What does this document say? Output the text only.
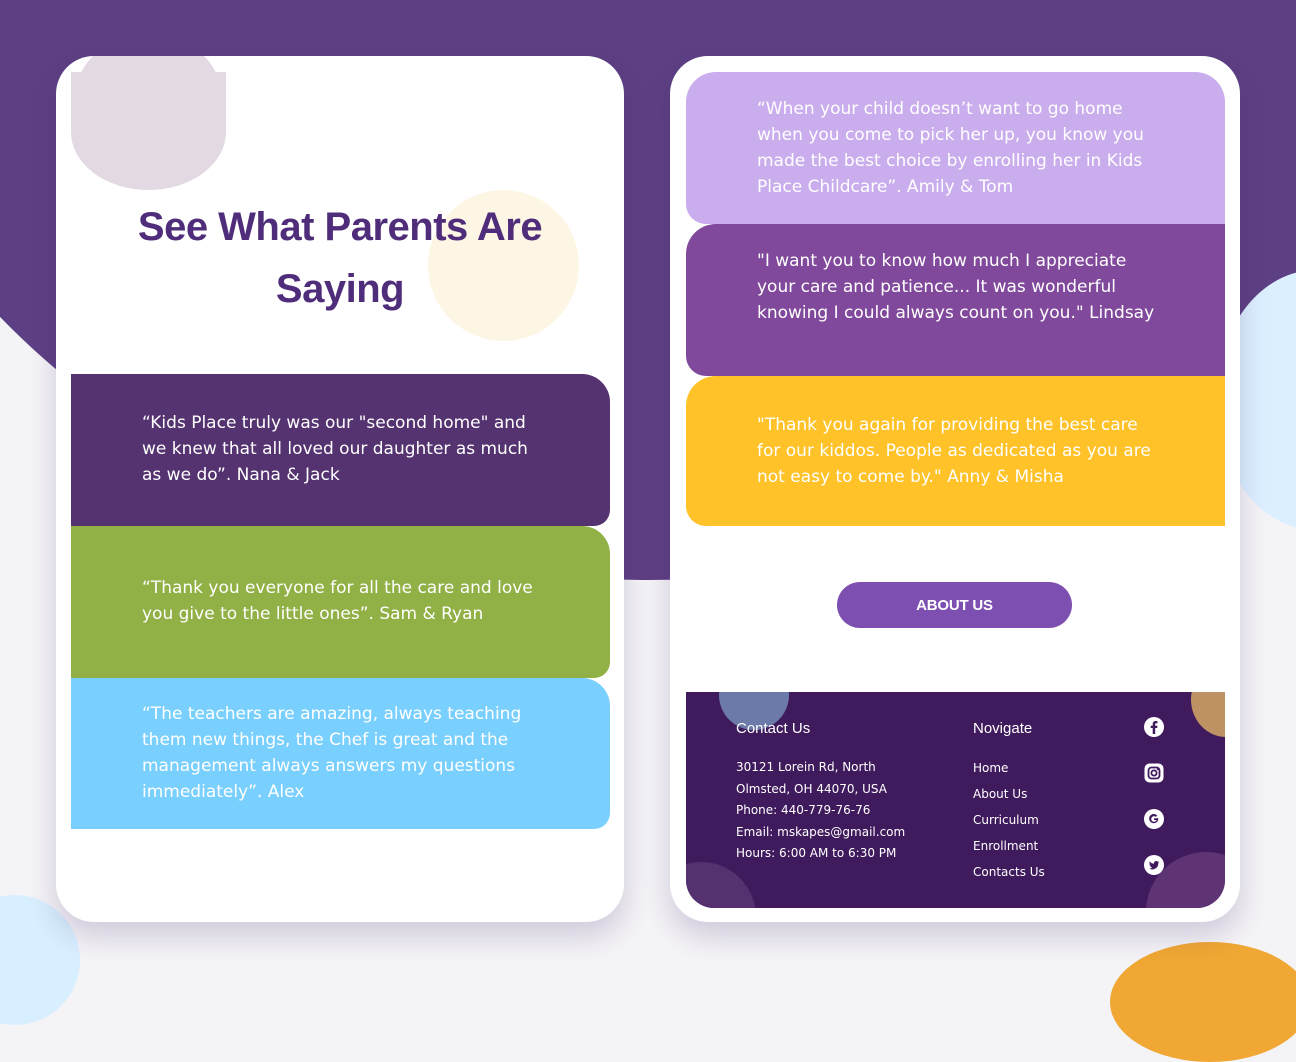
See What Parents Are
Saying
“Kids Place truly was our "second home" and we knew that all loved our daughter as much as we do”. Nana & Jack
“Thank you everyone for all the care and love you give to the little ones”. Sam & Ryan
“The teachers are amazing, always teaching them new things, the Chef is great and the management always answers my questions immediately”. Alex
“When your child doesn’t want to go home when you come to pick her up, you know you made the best choice by enrolling her in Kids Place Childcare”. Amily & Tom
"I want you to know how much I appreciate your care and patience... It was wonderful knowing I could always count on you." Lindsay
"Thank you again for providing the best care for our kiddos. People as dedicated as you are not easy to come by." Anny & Misha
ABOUT US
Contact Us
30121 Lorein Rd, North
Olmsted, OH 44070, USA
Phone: 440-779-76-76
Email: mskapes@gmail.com
Hours: 6:00 AM to 6:30 PM
Novigate
Home
About Us
Curriculum
Enrollment
Contacts Us
